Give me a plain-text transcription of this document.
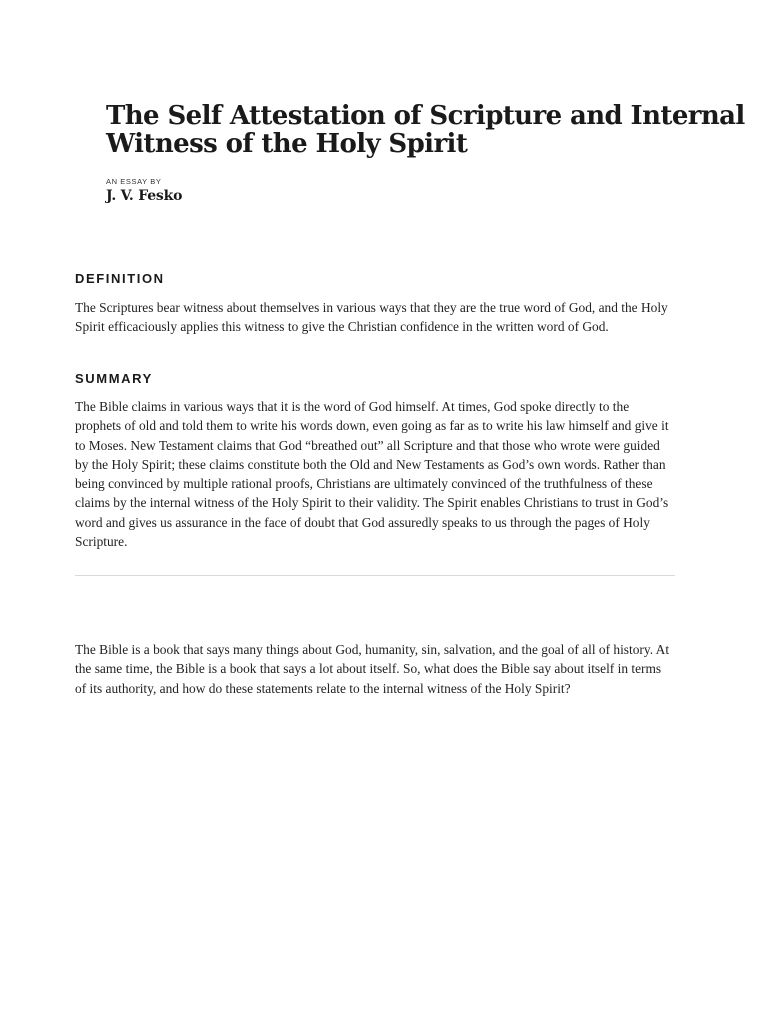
The Self Attestation of Scripture and Internal Witness of the Holy Spirit
AN ESSAY BY
J. V. Fesko
DEFINITION

The Scriptures bear witness about themselves in various ways that they are the true word of God, and the Holy Spirit efficaciously applies this witness to give the Christian confidence in the written word of God.

SUMMARY

The Bible claims in various ways that it is the word of God himself. At times, God spoke directly to the prophets of old and told them to write his words down, even going as far as to write his law himself and give it to Moses. New Testament claims that God “breathed out” all Scripture and that those who wrote were guided by the Holy Spirit; these claims constitute both the Old and New Testaments as God’s own words. Rather than being convinced by multiple rational proofs, Christians are ultimately convinced of the truthfulness of these claims by the internal witness of the Holy Spirit to their validity. The Spirit enables Christians to trust in God’s word and gives us assurance in the face of doubt that God assuredly speaks to us through the pages of Holy Scripture.

The Bible is a book that says many things about God, humanity, sin, salvation, and the goal of all of history. At the same time, the Bible is a book that says a lot about itself. So, what does the Bible say about itself in terms of its authority, and how do these statements relate to the internal witness of the Holy Spirit?
